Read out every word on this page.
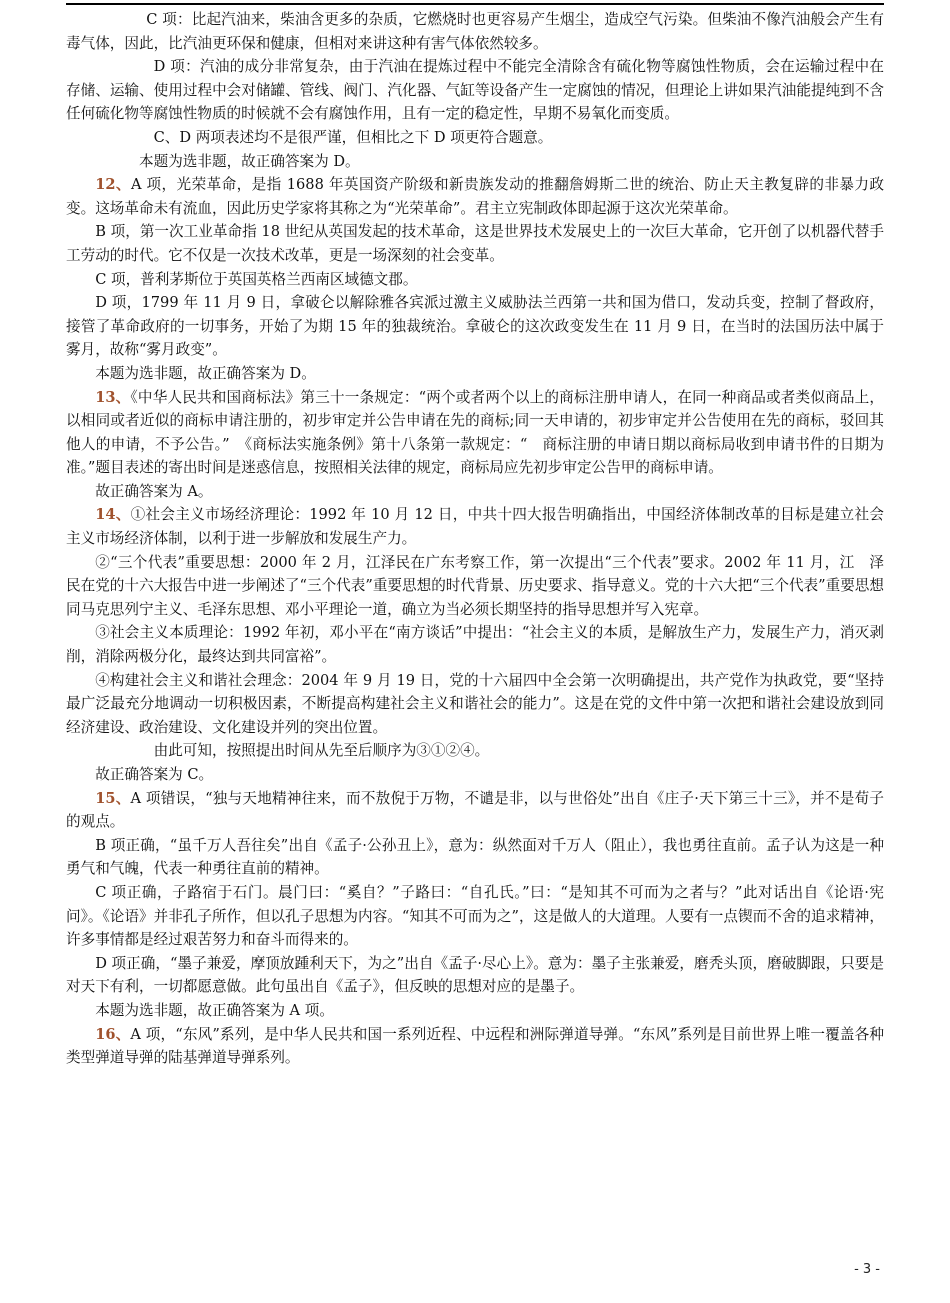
C 项：比起汽油来，柴油含更多的杂质，它燃烧时也更容易产生烟尘，造成空气污染。但柴油不像汽油般会产生有毒气体，因此，比汽油更环保和健康，但相对来讲这种有害气体依然较多。

D 项：汽油的成分非常复杂，由于汽油在提炼过程中不能完全清除含有硫化物等腐蚀性物质，会在运输过程中在存储、运输、使用过程中会对储罐、管线、阀门、汽化器、气缸等设备产生一定腐蚀的情况，但理论上讲如果汽油能提纯到不含任何硫化物等腐蚀性物质的时候就不会有腐蚀作用，且有一定的稳定性，早期不易氧化而变质。

C、D 两项表述均不是很严谨，但相比之下 D 项更符合题意。

本题为选非题，故正确答案为 D。

12、A 项，光荣革命，是指 1688 年英国资产阶级和新贵族发动的推翻詹姆斯二世的统治、防止天主教复辟的非暴力政变。这场革命未有流血，因此历史学家将其称之为“光荣革命”。君主立宪制政体即起源于这次光荣革命。

B 项，第一次工业革命指 18 世纪从英国发起的技术革命，这是世界技术发展史上的一次巨大革命，它开创了以机器代替手工劳动的时代。它不仅是一次技术改革，更是一场深刻的社会变革。

C 项，普利茅斯位于英国英格兰西南区域德文郡。

D 项，1799 年 11 月 9 日，拿破仑以解除雅各宾派过激主义威胁法兰西第一共和国为借口，发动兵变，控制了督政府，接管了革命政府的一切事务，开始了为期 15 年的独裁统治。拿破仑的这次政变发生在 11 月 9 日，在当时的法国历法中属于雾月，故称“雾月政变”。

本题为选非题，故正确答案为 D。

13、《中华人民共和国商标法》第三十一条规定：“两个或者两个以上的商标注册申请人，在同一种商品或者类似商品上，以相同或者近似的商标申请注册的，初步审定并公告申请在先的商标;同一天申请的，初步审定并公告使用在先的商标，驳回其他人的申请，不予公告。”　《商标法实施条例》第十八条第一款规定：“　商标注册的申请日期以商标局收到申请书件的日期为准。”题目表述的寄出时间是迷惑信息，按照相关法律的规定，商标局应先初步审定公告甲的商标申请。

故正确答案为 A。

14、①社会主义市场经济理论：1992 年 10 月 12 日，中共十四大报告明确指出，中国经济体制改革的目标是建立社会主义市场经济体制，以利于进一步解放和发展生产力。

②“三个代表”重要思想：2000 年 2 月，江泽民在广东考察工作，第一次提出“三个代表”要求。2002 年 11 月，江　泽　民在党的十六大报告中进一步阐述了“三个代表”重要思想的时代背景、历史要求、指导意义。党的十六大把“三个代表”重要思想同马克思列宁主义、毛泽东思想、邓小平理论一道，确立为当必须长期坚持的指导思想并写入宪章。

③社会主义本质理论：1992 年初，邓小平在“南方谈话”中提出：“社会主义的本质，是解放生产力，发展生产力，消灭剥削，消除两极分化，最终达到共同富裕”。

④构建社会主义和谐社会理念：2004 年 9 月 19 日，党的十六届四中全会第一次明确提出，共产党作为执政党，要“坚持最广泛最充分地调动一切积极因素，不断提高构建社会主义和谐社会的能力”。这是在党的文件中第一次把和谐社会建设放到同经济建设、政治建设、文化建设并列的突出位置。

由此可知，按照提出时间从先至后顺序为③①②④。

故正确答案为 C。

15、A 项错误，“独与天地精神往来，而不敖倪于万物，不谴是非，以与世俗处”出自《庄子·天下第三十三》，并不是荀子的观点。

B 项正确，“虽千万人吾往矣”出自《孟子·公孙丑上》，意为：纵然面对千万人（阻止），我也勇往直前。孟子认为这是一种勇气和气魄，代表一种勇往直前的精神。

C 项正确，子路宿于石门。晨门曰：“奚自？”子路曰：“自孔氏。”曰：“是知其不可而为之者与？”此对话出自《论语·宪问》。《论语》并非孔子所作，但以孔子思想为内容。“知其不可而为之”，这是做人的大道理。人要有一点锲而不舍的追求精神，许多事情都是经过艰苦努力和奋斗而得来的。

D 项正确，“墨子兼爱，摩顶放踵利天下，为之”出自《孟子·尽心上》。意为：墨子主张兼爱，磨秃头顶，磨破脚跟，只要是对天下有利，一切都愿意做。此句虽出自《孟子》，但反映的思想对应的是墨子。

本题为选非题，故正确答案为 A 项。

16、A 项，“东风”系列，是中华人民共和国一系列近程、中远程和洲际弹道导弹。“东风”系列是目前世界上唯一覆盖各种类型弹道导弹的陆基弹道导弹系列。

- 3 -
